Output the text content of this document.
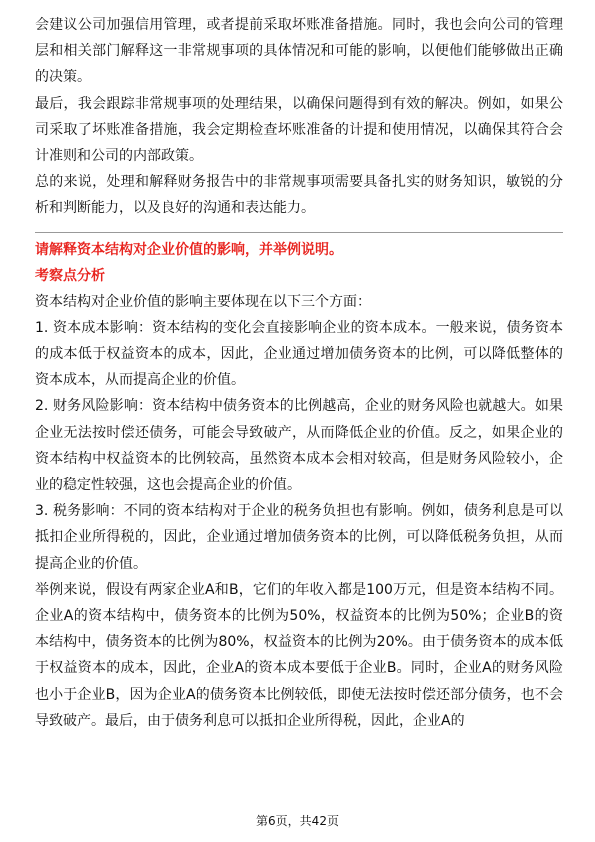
会建议公司加强信用管理，或者提前采取坏账准备措施。同时，我也会向公司的管理层和相关部门解释这一非常规事项的具体情况和可能的影响，以便他们能够做出正确的决策。

最后，我会跟踪非常规事项的处理结果，以确保问题得到有效的解决。例如，如果公司采取了坏账准备措施，我会定期检查坏账准备的计提和使用情况，以确保其符合会计准则和公司的内部政策。

总的来说，处理和解释财务报告中的非常规事项需要具备扎实的财务知识，敏锐的分析和判断能力，以及良好的沟通和表达能力。

请解释资本结构对企业价值的影响，并举例说明。

考察点分析

资本结构对企业价值的影响主要体现在以下三个方面：

1. 资本成本影响：资本结构的变化会直接影响企业的资本成本。一般来说，债务资本的成本低于权益资本的成本，因此，企业通过增加债务资本的比例，可以降低整体的资本成本，从而提高企业的价值。

2. 财务风险影响：资本结构中债务资本的比例越高，企业的财务风险也就越大。如果企业无法按时偿还债务，可能会导致破产，从而降低企业的价值。反之，如果企业的资本结构中权益资本的比例较高，虽然资本成本会相对较高，但是财务风险较小，企业的稳定性较强，这也会提高企业的价值。

3. 税务影响：不同的资本结构对于企业的税务负担也有影响。例如，债务利息是可以抵扣企业所得税的，因此，企业通过增加债务资本的比例，可以降低税务负担，从而提高企业的价值。

举例来说，假设有两家企业A和B，它们的年收入都是100万元，但是资本结构不同。企业A的资本结构中，债务资本的比例为50%，权益资本的比例为50%；企业B的资本结构中，债务资本的比例为80%，权益资本的比例为20%。由于债务资本的成本低于权益资本的成本，因此，企业A的资本成本要低于企业B。同时，企业A的财务风险也小于企业B，因为企业A的债务资本比例较低，即使无法按时偿还部分债务，也不会导致破产。最后，由于债务利息可以抵扣企业所得税，因此，企业A的

第6页，共42页
